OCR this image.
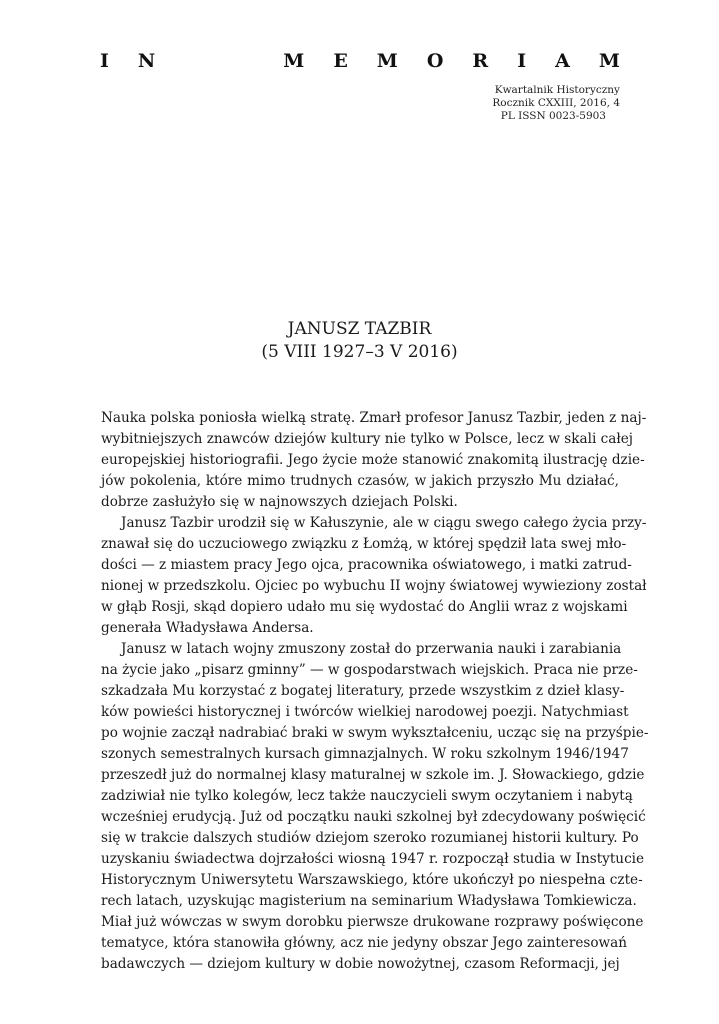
I N	M E M O R I A M
Kwartalnik Historyczny
Rocznik CXXIII, 2016, 4
PL ISSN 0023-5903
JANUSZ TAZBIR
(5 VIII 1927–3 V 2016)
Nauka polska poniosła wielką stratę. Zmarł profesor Janusz Tazbir, jeden z naj-
wybitniejszych znawców dziejów kultury nie tylko w Polsce, lecz w skali całej
europejskiej historiografii. Jego życie może stanowić znakomitą ilustrację dzie-
jów pokolenia, które mimo trudnych czasów, w jakich przyszło Mu działać,
dobrze zasłużyło się w najnowszych dziejach Polski.
Janusz Tazbir urodził się w Kałuszynie, ale w ciągu swego całego życia przy-
znawał się do uczuciowego związku z Łomżą, w której spędził lata swej mło-
dości — z miastem pracy Jego ojca, pracownika oświatowego, i matki zatrud-
nionej w przedszkolu. Ojciec po wybuchu II wojny światowej wywieziony został
w głąb Rosji, skąd dopiero udało mu się wydostać do Anglii wraz z wojskami
generała Władysława Andersa.
Janusz w latach wojny zmuszony został do przerwania nauki i zarabiania
na życie jako „pisarz gminny” — w gospodarstwach wiejskich. Praca nie prze-
szkadzała Mu korzystać z bogatej literatury, przede wszystkim z dzieł klasy-
ków powieści historycznej i twórców wielkiej narodowej poezji. Natychmiast
po wojnie zaczął nadrabiać braki w swym wykształceniu, ucząc się na przyśpie-
szonych semestralnych kursach gimnazjalnych. W roku szkolnym 1946/1947
przeszedł już do normalnej klasy maturalnej w szkole im. J. Słowackiego, gdzie
zadziwiał nie tylko kolegów, lecz także nauczycieli swym oczytaniem i nabytą
wcześniej erudycją. Już od początku nauki szkolnej był zdecydowany poświęcić
się w trakcie dalszych studiów dziejom szeroko rozumianej historii kultury. Po
uzyskaniu świadectwa dojrzałości wiosną 1947 r. rozpoczął studia w Instytucie
Historycznym Uniwersytetu Warszawskiego, które ukończył po niespełna czte-
rech latach, uzyskując magisterium na seminarium Władysława Tomkiewicza.
Miał już wówczas w swym dorobku pierwsze drukowane rozprawy poświęcone
tematyce, która stanowiła główny, acz nie jedyny obszar Jego zainteresowań
badawczych — dziejom kultury w dobie nowożytnej, czasom Reformacji, jej
